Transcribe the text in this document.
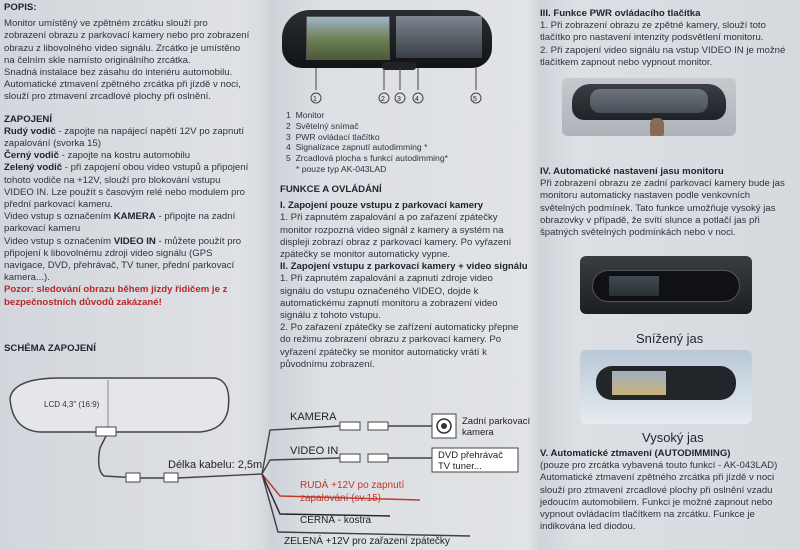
POPIS:

Monitor umístěný ve zpětném zrcátku slouží pro

zobrazení obrazu z parkovací kamery nebo pro zobrazení

obrazu z libovolného video signálu. Zrcátko je umístěno

na čelním skle namísto originálního zrcátka.

Snadná instalace bez zásahu do interiéru automobilu.

Automatické ztmavení zpětného zrcátka při jízdě v noci,

slouží pro ztmavení zrcadlové plochy při oslnění.

ZAPOJENÍ

Rudý vodič - zapojte na napájecí napětí 12V po zapnutí

zapalování (svorka 15)

Černý vodič - zapojte na kostru automobilu

Zelený vodič - při zapojení obou video vstupů a připojení

tohoto vodiče na +12V, slouží pro blokování vstupu

VIDEO IN. Lze použít s časovým relé nebo modulem pro

přední parkovací kameru.

Video vstup s označením KAMERA - připojte na zadní

parkovací kameru

Video vstup s označením VIDEO IN - můžete použít pro

připojení k libovolnému zdroji video signálu (GPS

navigace, DVD, přehrávač, TV tuner, přední parkovací

kamera...).

Pozor: sledování obrazu během jízdy řidičem je z

bezpečnostních důvodů zakázané!

SCHÉMA ZAPOJENÍ

LCD 4,3" (16:9)
Délka kabelu: 2,5m
KAMERA
VIDEO IN
Zadní parkovací
kamera
DVD přehrávač
TV tuner...
RUDÁ +12V po zapnutí
zapalování (sv.15)
ČERNÁ - kostra
ZELENÁ +12V pro zařazení zpátečky
1	2 3 4	5

1 Monitor

2 Světelný snímač

3 PWR ovládací tlačítko

4 Signalizace zapnutí autodimming *

5 Zrcadlová plocha s funkcí autodimming*

* pouze typ AK-043LAD

FUNKCE A OVLÁDÁNÍ

I. Zapojení pouze vstupu z parkovací kamery

1. Při zapnutém zapalování a po zařazení zpátečky

monitor rozpozná video signál z kamery a systém na

displeji zobrazí obraz z parkovací kamery. Po vyřazení

zpátečky se monitor automaticky vypne.

II. Zapojení vstupu z parkovací kamery + video signálu

1. Při zapnutém zapalování a zapnutí zdroje video

signálu do vstupu označeného VIDEO, dojde k

automatickému zapnutí monitoru a zobrazení video

signálu z tohoto vstupu.

2. Po zařazení zpátečky se zařízení automaticky přepne

do režimu zobrazení obrazu z parkovací kamery. Po

vyřazení zpátečky se monitor automaticky vrátí k

původnímu zobrazení.

III. Funkce PWR ovládacího tlačítka

1. Při zobrazení obrazu ze zpětné kamery, slouží toto

tlačítko pro nastavení intenzity podsvětlení monitoru.

2. Při zapojení video signálu na vstup VIDEO IN je možné

tlačítkem zapnout nebo vypnout monitor.

IV. Automatické nastavení jasu monitoru

Při zobrazení obrazu ze zadní parkovací kamery bude jas

monitoru automaticky nastaven podle venkovních

světelných podmínek. Tato funkce umožňuje vysoký jas

obrazovky v případě, že svítí slunce a potlačí jas při

špatných světelných podmínkách nebo v noci.

Snížený jas

Vysoký jas

V. Automatické ztmavení (AUTODIMMING)

(pouze pro zrcátka vybavená touto funkcí - AK-043LAD)

Automatické ztmavení zpětného zrcátka při jízdě v noci

slouží pro ztmavení zrcadlové plochy při oslnění vzadu

jedoucím automobilem. Funkci je možné zapnout nebo

vypnout ovládacím tlačítkem na zrcátku. Funkce je

indikována led diodou.
